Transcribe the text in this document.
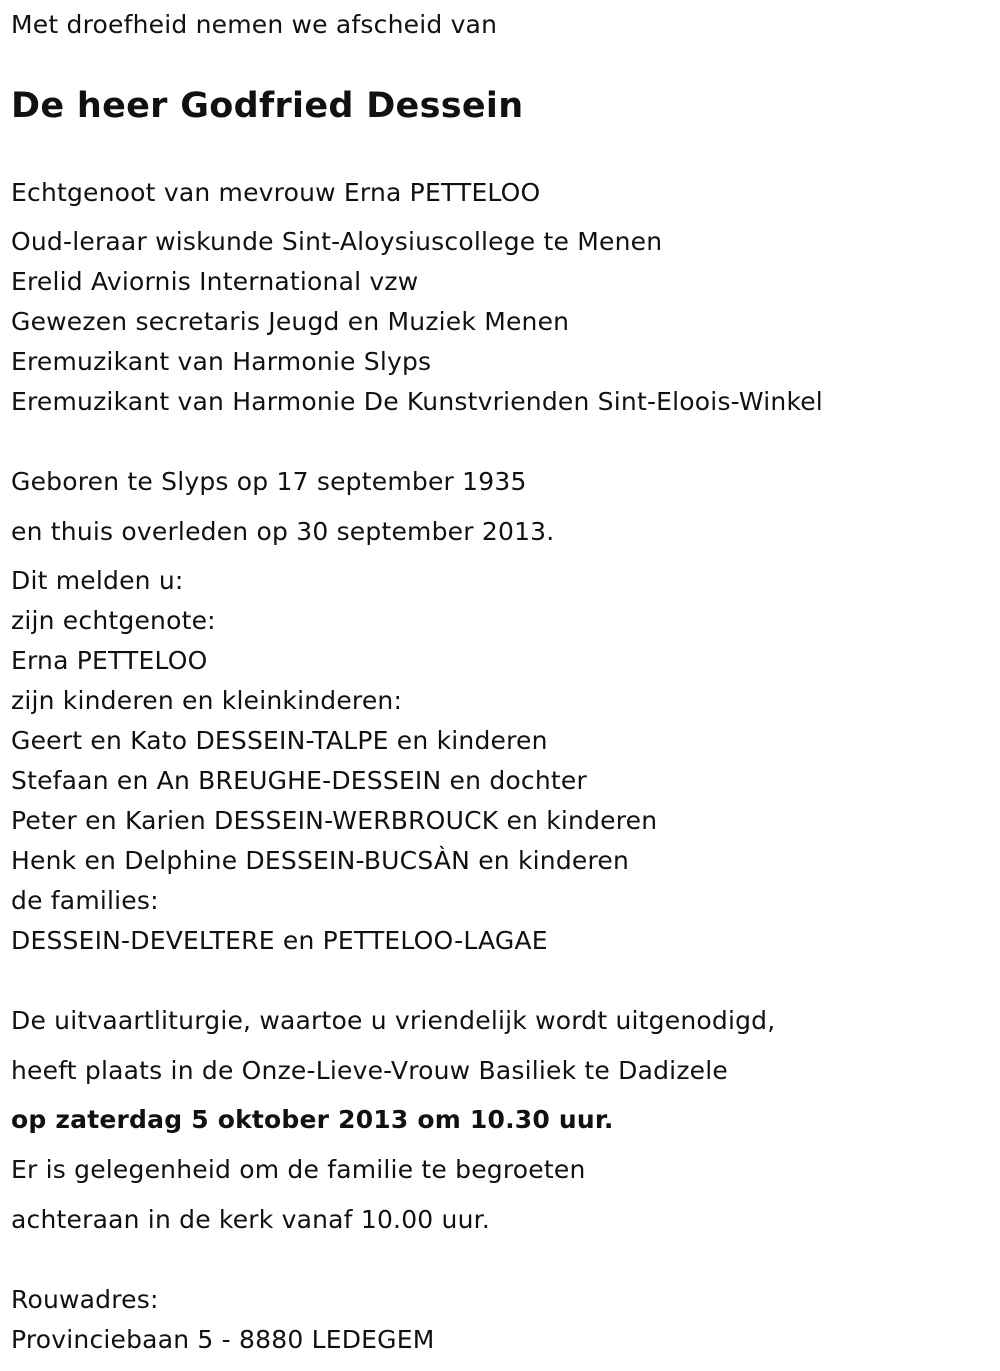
Met droefheid nemen we afscheid van
De heer Godfried Dessein
Echtgenoot van mevrouw Erna PETTELOO
Oud-leraar wiskunde Sint-Aloysiuscollege te Menen
Erelid Aviornis International vzw
Gewezen secretaris Jeugd en Muziek Menen
Eremuzikant van Harmonie Slyps
Eremuzikant van Harmonie De Kunstvrienden Sint-Eloois-Winkel
Geboren te Slyps op 17 september 1935
en thuis overleden op 30 september 2013.
Dit melden u:
zijn echtgenote:
Erna PETTELOO
zijn kinderen en kleinkinderen:
Geert en Kato DESSEIN-TALPE en kinderen
Stefaan en An BREUGHE-DESSEIN en dochter
Peter en Karien DESSEIN-WERBROUCK en kinderen
Henk en Delphine DESSEIN-BUCSÀN en kinderen
de families:
DESSEIN-DEVELTERE en PETTELOO-LAGAE
De uitvaartliturgie, waartoe u vriendelijk wordt uitgenodigd,
heeft plaats in de Onze-Lieve-Vrouw Basiliek te Dadizele
op zaterdag 5 oktober 2013 om 10.30 uur.
Er is gelegenheid om de familie te begroeten
achteraan in de kerk vanaf 10.00 uur.
Rouwadres:
Provinciebaan 5 - 8880 LEDEGEM
